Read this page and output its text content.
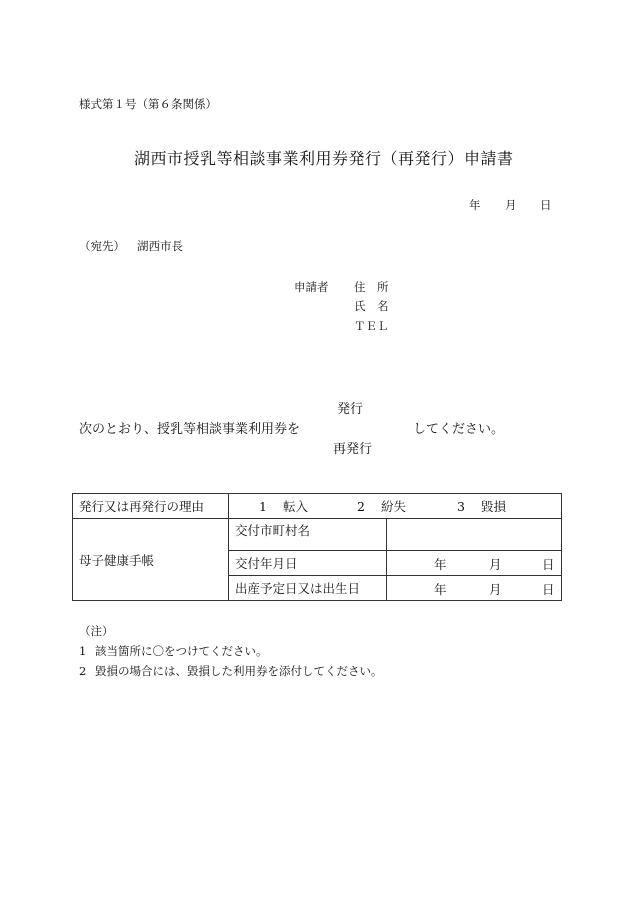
様式第１号（第６条関係）
湖西市授乳等相談事業利用券発行（再発行）申請書
年 月 日
（宛先） 湖西市長
申請者 住　所
氏　名
ＴＥＬ
発行
次のとおり、授乳等相談事業利用券を	してください。
再発行
発行又は再発行の理由	1 転入 2 紛失 3 毀損	
母子健康手帳	交付市町村名	
	交付年月日	年 月 日

	出産予定日又は出生日	年 月 日
（注）
1 該当箇所に〇をつけてください。
2 毀損の場合には、毀損した利用券を添付してください。
